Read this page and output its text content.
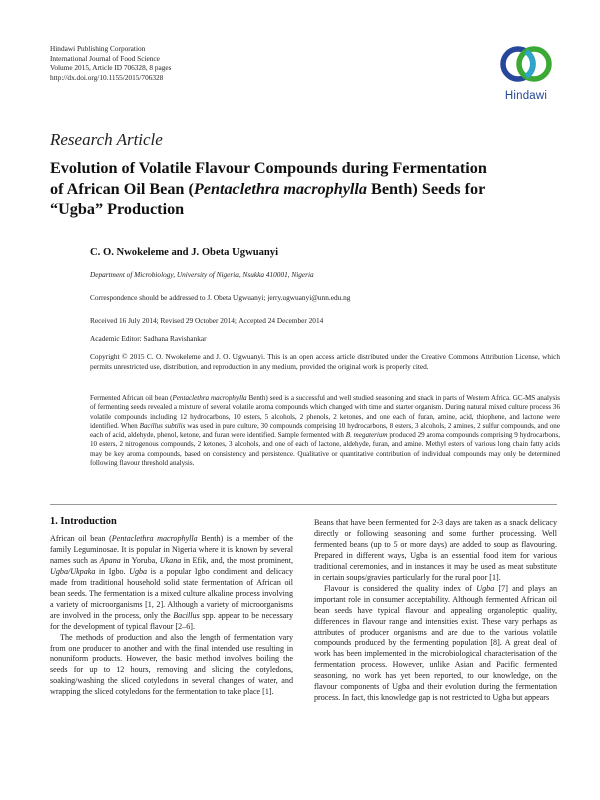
Hindawi Publishing Corporation
International Journal of Food Science
Volume 2015, Article ID 706328, 8 pages
http://dx.doi.org/10.1155/2015/706328
Hindawi
Research Article
Evolution of Volatile Flavour Compounds during Fermentation
of African Oil Bean (Pentaclethra macrophylla Benth) Seeds for
“Ugba” Production
C. O. Nwokeleme and J. Obeta Ugwuanyi
Department of Microbiology, University of Nigeria, Nsukka 410001, Nigeria
Correspondence should be addressed to J. Obeta Ugwuanyi; jerry.ugwuanyi@unn.edu.ng
Received 16 July 2014; Revised 29 October 2014; Accepted 24 December 2014
Academic Editor: Sadhana Ravishankar
Copyright © 2015 C. O. Nwokeleme and J. O. Ugwuanyi. This is an open access article distributed under the Creative Commons Attribution License, which permits unrestricted use, distribution, and reproduction in any medium, provided the original work is properly cited.
Fermented African oil bean (Pentaclethra macrophylla Benth) seed is a successful and well studied seasoning and snack in parts of Western Africa. GC-MS analysis of fermenting seeds revealed a mixture of several volatile aroma compounds which changed with time and starter organism. During natural mixed culture process 36 volatile compounds including 12 hydrocarbons, 10 esters, 5 alcohols, 2 phenols, 2 ketones, and one each of furan, amine, acid, thiophene, and lactone were identified. When Bacillus subtilis was used in pure culture, 30 compounds comprising 10 hydrocarbons, 8 esters, 3 alcohols, 2 amines, 2 sulfur compounds, and one each of acid, aldehyde, phenol, ketone, and furan were identified. Sample fermented with B. megaterium produced 29 aroma compounds comprising 9 hydrocarbons, 10 esters, 2 nitrogenous compounds, 2 ketones, 3 alcohols, and one of each of lactone, aldehyde, furan, and amine. Methyl esters of various long chain fatty acids may be key aroma compounds, based on consistency and persistence. Qualitative or quantitative contribution of individual compounds may only be determined following flavour threshold analysis.
1. Introduction

African oil bean (Pentaclethra macrophylla Benth) is a member of the family Leguminosae. It is popular in Nigeria where it is known by several names such as Apana in Yoruba, Ukana in Efik, and, the most prominent, Ugba/Ukpaka in Igbo. Ugba is a popular Igbo condiment and delicacy made from traditional household solid state fermentation of African oil bean seeds. The fermentation is a mixed culture alkaline process involving a variety of microorganisms [1, 2]. Although a variety of microorganisms are involved in the process, only the Bacillus spp. appear to be necessary for the development of typical flavour [2–6].

The methods of production and also the length of fermentation vary from one producer to another and with the final intended use resulting in nonuniform products. However, the basic method involves boiling the seeds for up to 12 hours, removing and slicing the cotyledons, soaking/washing the sliced cotyledons in several changes of water, and wrapping the sliced cotyledons for the fermentation to take place [1].

Beans that have been fermented for 2-3 days are taken as a snack delicacy directly or following seasoning and some further processing. Well fermented beans (up to 5 or more days) are added to soup as flavouring. Prepared in different ways, Ugba is an essential food item for various traditional ceremonies, and in instances it may be used as meat substitute in certain soups/gravies particularly for the rural poor [1].

Flavour is considered the quality index of Ugba [7] and plays an important role in consumer acceptability. Although fermented African oil bean seeds have typical flavour and appealing organoleptic quality, differences in flavour range and intensities exist. These vary perhaps as attributes of producer organisms and are due to the various volatile compounds produced by the fermenting population [8]. A great deal of work has been implemented in the microbiological characterisation of the fermentation process. However, unlike Asian and Pacific fermented seasoning, no work has yet been reported, to our knowledge, on the flavour components of Ugba and their evolution during the fermentation process. In fact, this knowledge gap is not restricted to Ugba but appears
